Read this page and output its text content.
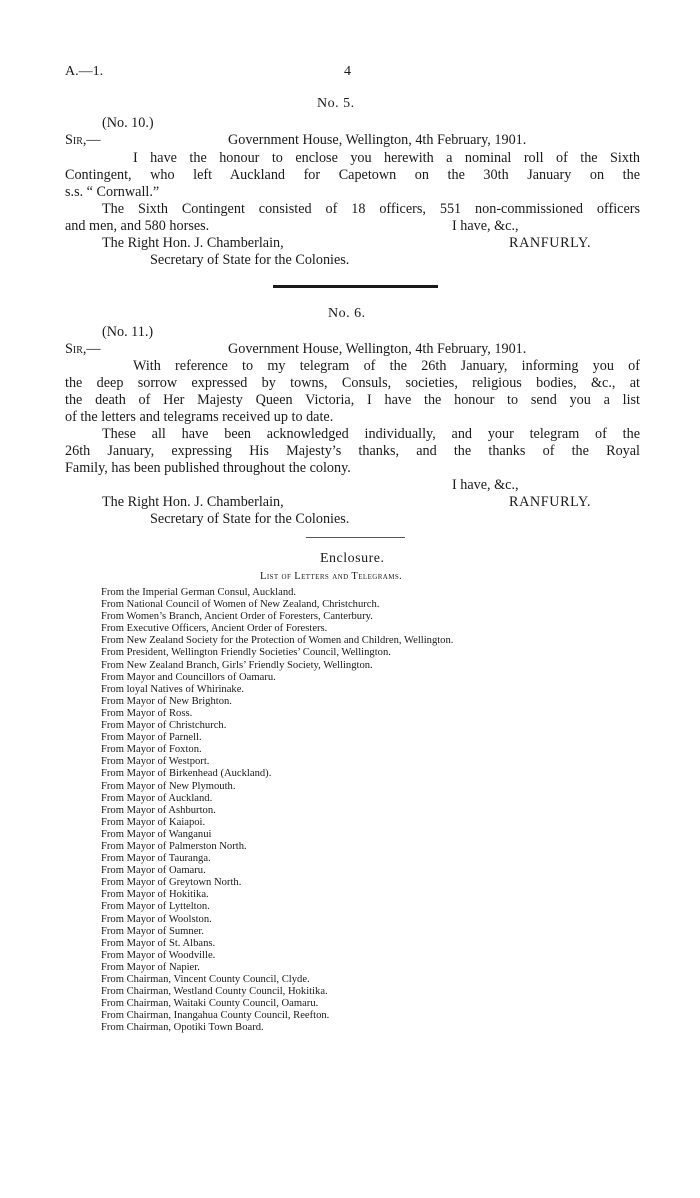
A.—1.	4
No. 5.
(No. 10.)
Sir,—	Government House, Wellington, 4th February, 1901.
I have the honour to enclose you herewith a nominal roll of the Sixth
Contingent, who left Auckland for Capetown on the 30th January on the
s.s. “ Cornwall.”
The Sixth Contingent consisted of 18 officers, 551 non-commissioned officers
and men, and 580 horses.	I have, &c.,
The Right Hon. J. Chamberlain,	RANFURLY.
Secretary of State for the Colonies.
No. 6.
(No. 11.)
Sir,—	Government House, Wellington, 4th February, 1901.
With reference to my telegram of the 26th January, informing you of
the deep sorrow expressed by towns, Consuls, societies, religious bodies, &c., at
the death of Her Majesty Queen Victoria, I have the honour to send you a list
of the letters and telegrams received up to date.
These all have been acknowledged individually, and your telegram of the
26th January, expressing His Majesty’s thanks, and the thanks of the Royal
Family, has been published throughout the colony.
I have, &c.,
The Right Hon. J. Chamberlain,	RANFURLY.
Secretary of State for the Colonies.
Enclosure.
List of Letters and Telegrams.
From the Imperial German Consul, Auckland.
From National Council of Women of New Zealand, Christchurch.
From Women’s Branch, Ancient Order of Foresters, Canterbury.
From Executive Officers, Ancient Order of Foresters.
From New Zealand Society for the Protection of Women and Children, Wellington.
From President, Wellington Friendly Societies’ Council, Wellington.
From New Zealand Branch, Girls’ Friendly Society, Wellington.
From Mayor and Councillors of Oamaru.
From loyal Natives of Whirinake.
From Mayor of New Brighton.
From Mayor of Ross.
From Mayor of Christchurch.
From Mayor of Parnell.
From Mayor of Foxton.
From Mayor of Westport.
From Mayor of Birkenhead (Auckland).
From Mayor of New Plymouth.
From Mayor of Auckland.
From Mayor of Ashburton.
From Mayor of Kaiapoi.
From Mayor of Wanganui
From Mayor of Palmerston North.
From Mayor of Tauranga.
From Mayor of Oamaru.
From Mayor of Greytown North.
From Mayor of Hokitika.
From Mayor of Lyttelton.
From Mayor of Woolston.
From Mayor of Sumner.
From Mayor of St. Albans.
From Mayor of Woodville.
From Mayor of Napier.
From Chairman, Vincent County Council, Clyde.
From Chairman, Westland County Council, Hokitika.
From Chairman, Waitaki County Council, Oamaru.
From Chairman, Inangahua County Council, Reefton.
From Chairman, Opotiki Town Board.
